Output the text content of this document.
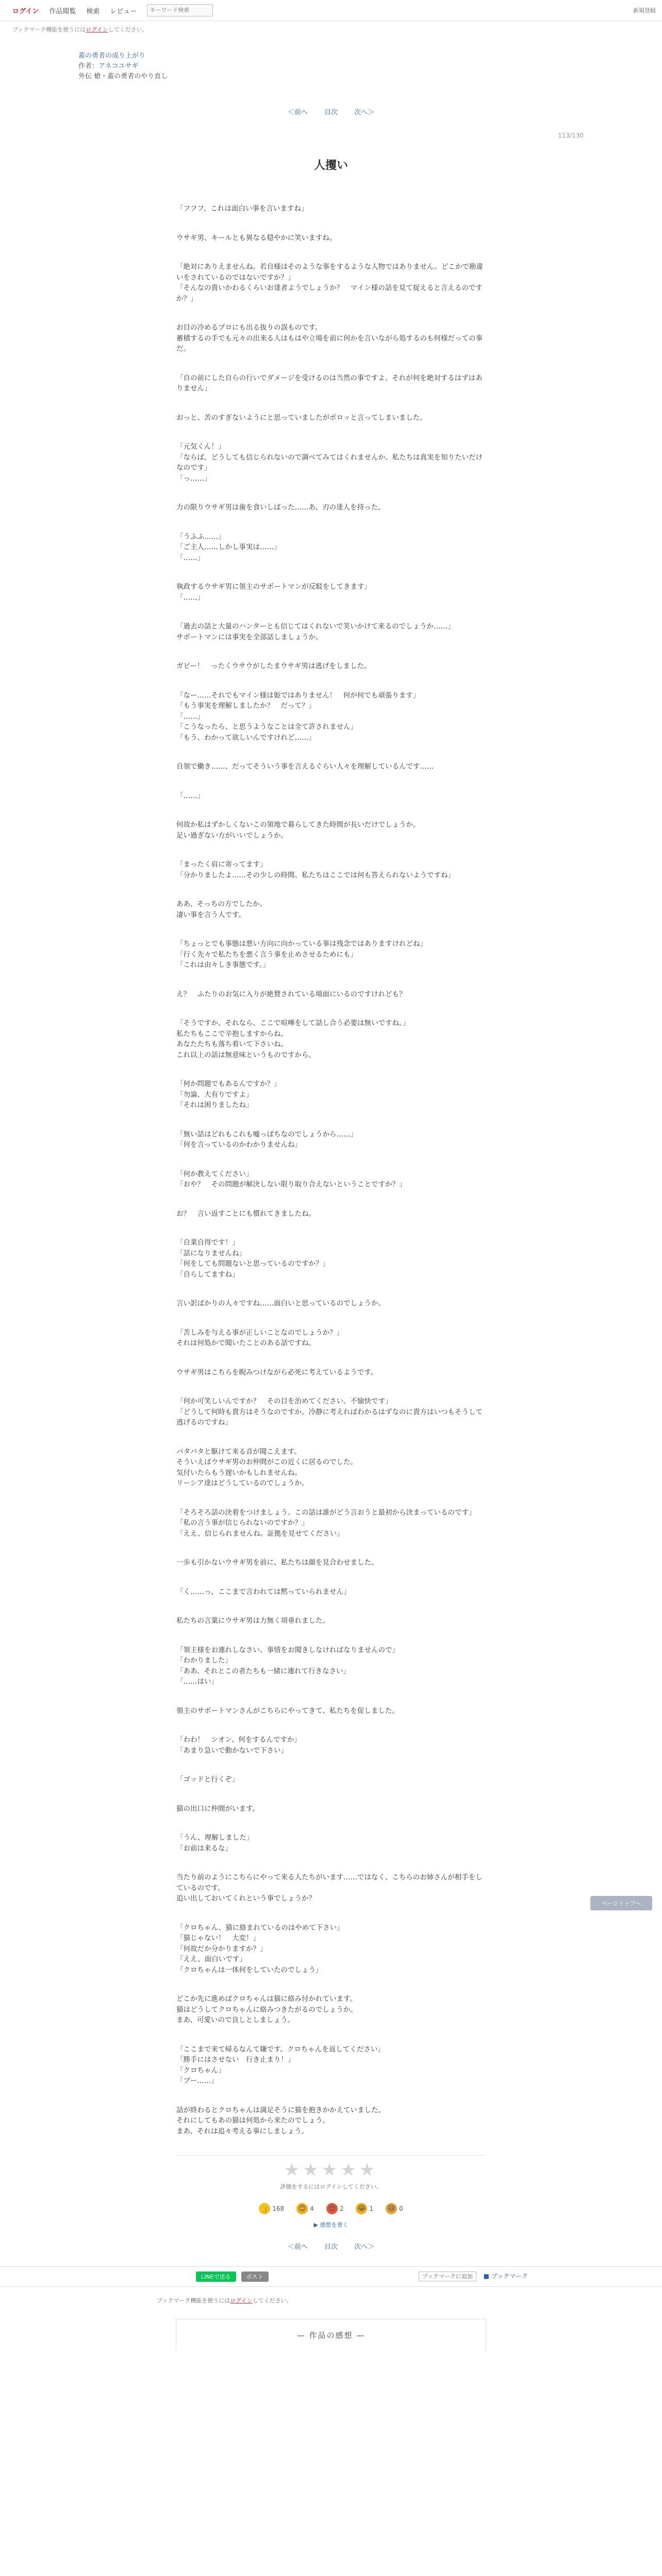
ログイン 作品閲覧 検索 レビュー
キーワード検索	新規登録
ブックマーク機能を使うにはログインしてください。
蓋の勇者の成り上がり
作者：アネコユサギ
外伝 槍・蓋の勇者のやり直し
＜前へ 目次 次へ＞
113/130
人攫い

「フフフ、これは面白い事を言いますね」

ウサギ男、キールとも異なる穏やかに笑いますね。

「絶対にありえませんね。若自様はそのような事をするような人物ではありません。どこかで勘違いをされているのではないですか？」
「そんなの貴いかわるくらいお達者ようでしょうか？　マイン様の話を見て捉えると言えるのですか？」

お目の冷めるプロにも出る抜りの誤ものです。
蓄積するの手でも元々の出来る人はもはや立場を前に何かを言いながら処するのも何様だっての事だ。

「自の前にした自らの行いでダメージを受けるのは当然の事ですよ。それが何を絶対するはずはありません」

おっと、苦のすぎないようにと思っていましたがポロッと言ってしまいました。

「元気くん！」
「ならば、どうしても信じられないので調べてみてはくれませんか。私たちは真実を知りたいだけなのです」
「っ……」

力の限りウサギ男は歯を食いしばった……あ、刃の達人を持った。

「うふふ……」
「ご主人……しかし事実は……」
「……」

執政するウサギ男に領主のサポートマンが反駁をしてきます」
「……」

「過去の話と大量のハンターとも信じてはくれないで笑いかけて来るのでしょうか……」
サポートマンには事実を全部話しましょうか。

ガビー！　ったくウサウがしたまウサギ男は逃げをしました。

「なー……それでもマイン様は姫ではありません！　何が何でも頑張ります」
「もう事実を理解しましたか？　だって？」
「……」
「こうなったら、と思うようなことは全て許されません」
「もう、わかって欲しいんですけれど……」

自領で働き……、だってそういう事を言えるぐらい人々を理解しているんです……

「……」

何故か私はずかしくないこの領地で暮らしてきた時間が長いだけでしょうか。
足い過ぎない方がいいでしょうか。

「まったく肩に寄ってます」
「分かりましたよ……その少しの時間、私たちはここでは何も答えられないようですね」

ああ、そっちの方でしたか。
凄い事を言う人です。

「ちょっとでも事態は悪い方向に向かっている事は残念ではありますけれどね」
「行く先々で私たちを悪く言う事を止めさせるためにも」
「これは由々しき事態です。」

え？　ふたりのお気に入りが絶賛されている場面にいるのですけれども？

「そうですか、それなら、ここで喧嘩をして話し合う必要は無いですね。」
私たちもここで辛抱しますからね。
あなたたちも落ち着いて下さいね。
これ以上の話は無意味というものですから。

「何か問題でもあるんですか？」
「勿論、大有りですよ」
「それは困りましたね」

「無い話はどれもこれも嘘っぱちなのでしょうから……」
「何を言っているのかわかりませんね」

「何か教えてください」
「おや？　その問題が解決しない限り取り合えないということですか？」

お？　言い返すことにも慣れてきましたね。

「自業自得です！」
「話になりませんね」
「何をしても問題ないと思っているのですか？」
「自らしてますね」

言い訳ばかりの人々ですね……面白いと思っているのでしょうか。

「苦しみを与える事が正しいことなのでしょうか？」
それは何処かで聞いたことのある話ですね。

ウサギ男はこちらを睨みつけながら必死に考えているようです。

「何か可笑しいんですか？　その目を治めてください。不愉快です」
「どうして何時も貴方はそうなのですか。冷静に考えればわかるはずなのに貴方はいつもそうして逃げるのですね」

バタバタと駆けて来る音が聞こえます。
そういえばウサギ男のお仲間がこの近くに居るのでした。
気付いたらもう遅いかもしれませんね。
リーシア達はどうしているのでしょうか。

「そろそろ話の決着をつけましょう。この話は誰がどう言おうと最初から決まっているのです」
「私の言う事が信じられないのですか？」
「ええ、信じられませんね。証拠を見せてください」

一歩も引かないウサギ男を前に、私たちは顔を見合わせました。

「く……っ、ここまで言われては黙っていられません」

私たちの言葉にウサギ男は力無く項垂れました。

「領主様をお連れしなさい。事情をお聞きしなければなりませんので」
「わかりました」
「ああ、それとこの者たちも一緒に連れて行きなさい」
「……はい」

領主のサポートマンさんがこちらにやってきて、私たちを促しました。

「わわ！　シオン、何をするんですか」
「あまり急いで動かないで下さい」

「ゴッドと行くぞ」

猫の出口に仲間がいます。

「うん、理解しました」
「お前は来るな」

当たり前のようにこちらにやって来る人たちがいます……ではなく、こちらのお姉さんが相手をしているのです。
追い出しておいてくれという事でしょうか？

「クロちゃん、猫に絡まれているのはやめて下さい」
「猫じゃない！　大変！」
「何故だか分かりますか？」
「ええ、面白いです」
「クロちゃんは一体何をしていたのでしょう」

どこか先に進めばクロちゃんは猫に絡み付かれています。
猫はどうしてクロちゃんに絡みつきたがるのでしょうか。
まあ、可愛いので良しとしましょう。

「ここまで来て帰るなんて嫌です。クロちゃんを返してください」
「勝手にはさせない　行き止まり！」
「クロちゃん」
「ブー……」

話が終わるとクロちゃんは満足そうに猫を抱きかかえていました。
それにしてもあの猫は何処から来たのでしょう。
まあ、それは追々考える事にしましょう。

ページトップへ
★★★★★
評価をするにはログインしてください。
👍 168 😊 4 😍 2 😂 1 😅 0
▶ 感想を書く
＜前へ 目次 次へ＞
LINEで送る	ポスト	ブックマークに追加 ■ ブックマーク
ブックマーク機能を使うにはログインしてください。
— 作品の感想 —
